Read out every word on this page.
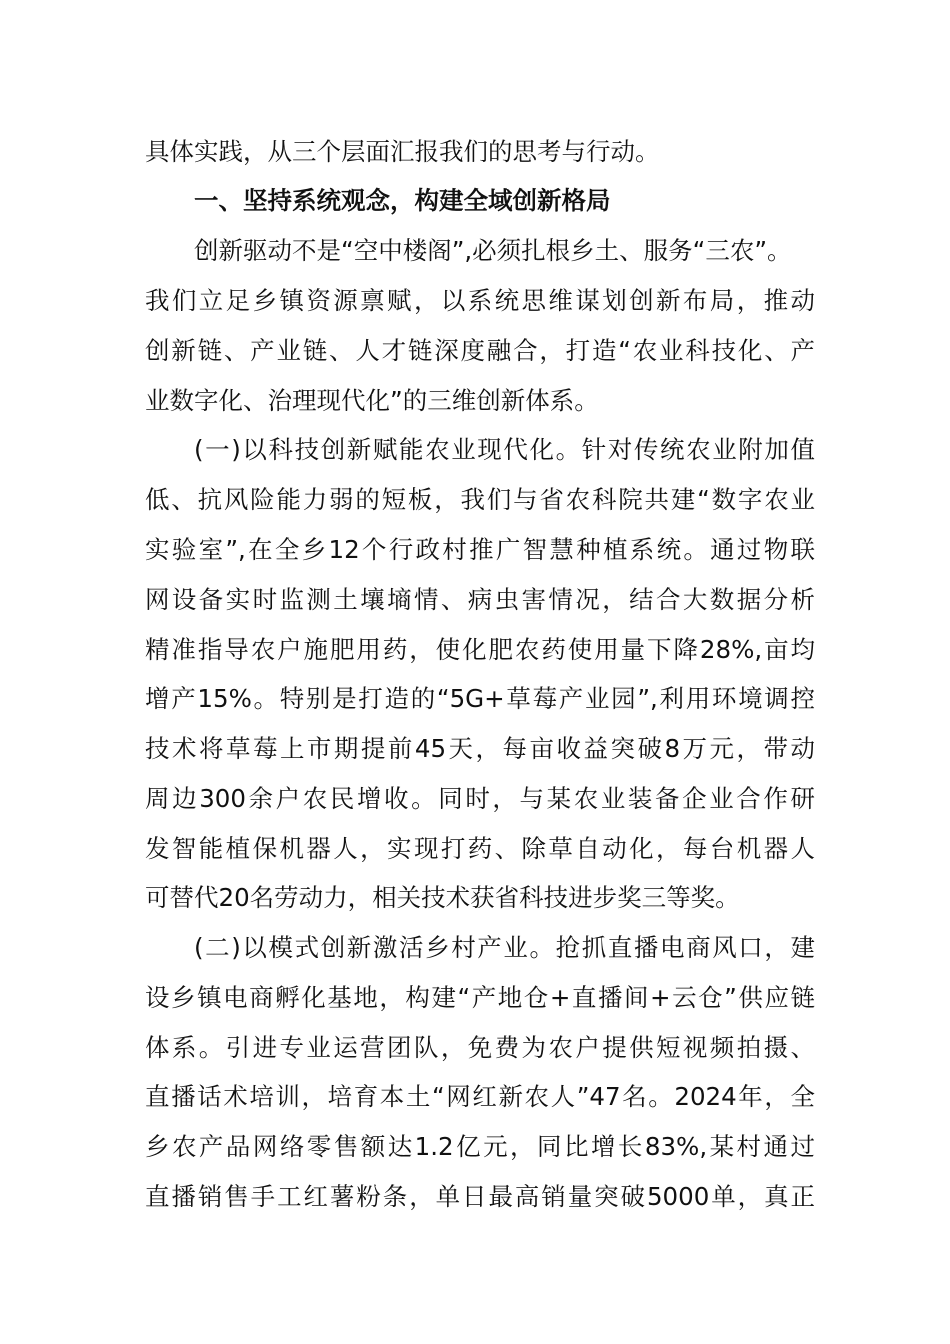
具体实践，从三个层面汇报我们的思考与行动。
一、坚持系统观念，构建全域创新格局
创新驱动不是“空中楼阁”,必须扎根乡土、服务“三农”。
我们立足乡镇资源禀赋，以系统思维谋划创新布局，推动
创新链、产业链、人才链深度融合，打造“农业科技化、产
业数字化、治理现代化”的三维创新体系。
(一)以科技创新赋能农业现代化。针对传统农业附加值
低、抗风险能力弱的短板，我们与省农科院共建“数字农业
实验室”,在全乡12个行政村推广智慧种植系统。通过物联
网设备实时监测土壤墒情、病虫害情况，结合大数据分析
精准指导农户施肥用药，使化肥农药使用量下降28%,亩均
增产15%。特别是打造的“5G+草莓产业园”,利用环境调控
技术将草莓上市期提前45天，每亩收益突破8万元，带动
周边300余户农民增收。同时，与某农业装备企业合作研
发智能植保机器人，实现打药、除草自动化，每台机器人
可替代20名劳动力，相关技术获省科技进步奖三等奖。
(二)以模式创新激活乡村产业。抢抓直播电商风口，建
设乡镇电商孵化基地，构建“产地仓+直播间+云仓”供应链
体系。引进专业运营团队，免费为农户提供短视频拍摄、
直播话术培训，培育本土“网红新农人”47名。2024年，全
乡农产品网络零售额达1.2亿元，同比增长83%,某村通过
直播销售手工红薯粉条，单日最高销量突破5000单，真正
